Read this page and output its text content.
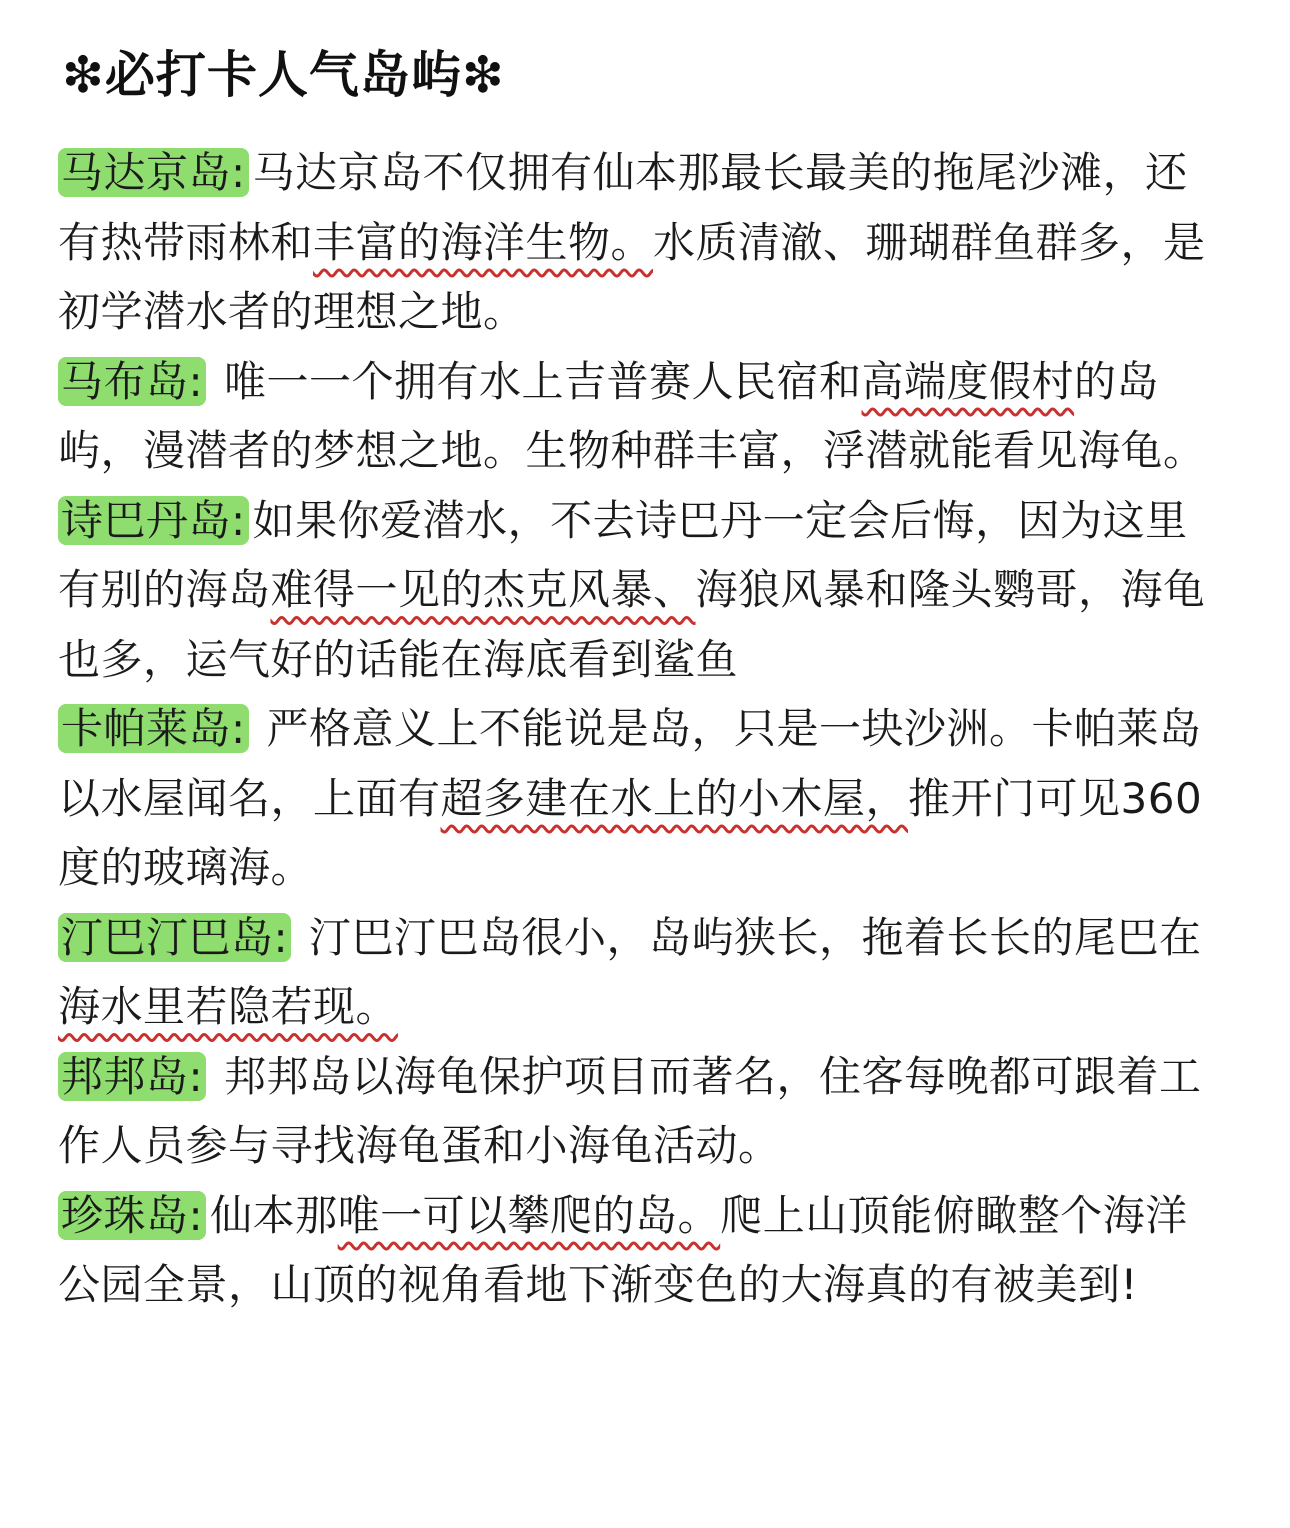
❇必打卡人气岛屿❇

马达京岛: 马达京岛不仅拥有仙本那最长最美的拖尾沙滩，还有热带雨林和丰富的海洋生物。水质清澈、珊瑚群鱼群多，是初学潜水者的理想之地。

马布岛: 唯一一个拥有水上吉普赛人民宿和高端度假村的岛屿，漫潜者的梦想之地。生物种群丰富，浮潜就能看见海龟。

诗巴丹岛: 如果你爱潜水，不去诗巴丹一定会后悔，因为这里有别的海岛难得一见的杰克风暴、海狼风暴和隆头鹦哥，海龟也多，运气好的话能在海底看到鲨鱼

卡帕莱岛: 严格意义上不能说是岛，只是一块沙洲。卡帕莱岛以水屋闻名，上面有超多建在水上的小木屋，推开门可见360度的玻璃海。

汀巴汀巴岛: 汀巴汀巴岛很小，岛屿狭长，拖着长长的尾巴在海水里若隐若现。

邦邦岛: 邦邦岛以海龟保护项目而著名，住客每晚都可跟着工作人员参与寻找海龟蛋和小海龟活动。

珍珠岛: 仙本那唯一可以攀爬的岛。爬上山顶能俯瞰整个海洋公园全景，山顶的视角看地下渐变色的大海真的有被美到!
